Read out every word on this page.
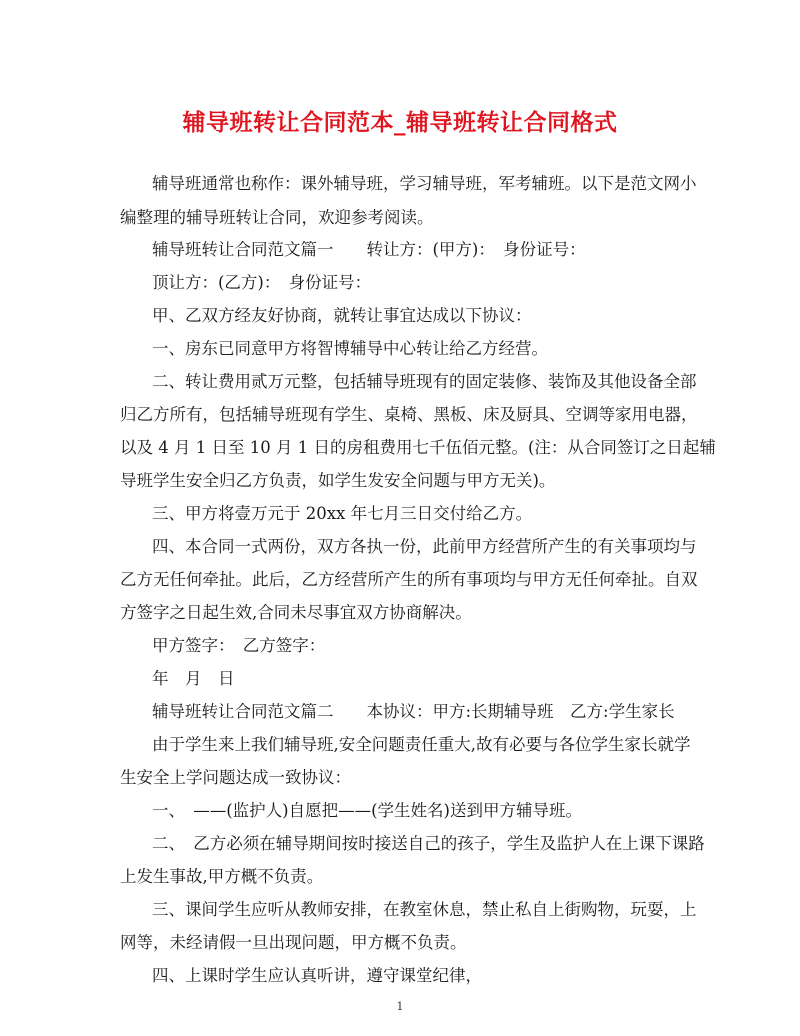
辅导班转让合同范本_辅导班转让合同格式
辅导班通常也称作：课外辅导班，学习辅导班，军考辅班。以下是范文网小
编整理的辅导班转让合同，欢迎参考阅读。
辅导班转让合同范文篇一　　转让方：(甲方)：　身份证号：
顶让方：(乙方)：　身份证号：
甲、乙双方经友好协商，就转让事宜达成以下协议：
一、房东已同意甲方将智博辅导中心转让给乙方经营。
二、转让费用贰万元整，包括辅导班现有的固定装修、装饰及其他设备全部
归乙方所有，包括辅导班现有学生、桌椅、黑板、床及厨具、空调等家用电器，
以及 4 月 1 日至 10 月 1 日的房租费用七千伍佰元整。(注：从合同签订之日起辅
导班学生安全归乙方负责，如学生发安全问题与甲方无关)。
三、甲方将壹万元于 20xx 年七月三日交付给乙方。
四、本合同一式两份，双方各执一份，此前甲方经营所产生的有关事项均与
乙方无任何牵扯。此后，乙方经营所产生的所有事项均与甲方无任何牵扯。自双
方签字之日起生效,合同未尽事宜双方协商解决。
甲方签字：　乙方签字：
年　月　日
辅导班转让合同范文篇二　　本协议：甲方:长期辅导班　乙方:学生家长
由于学生来上我们辅导班,安全问题责任重大,故有必要与各位学生家长就学
生安全上学问题达成一致协议：
一、　——(监护人)自愿把——(学生姓名)送到甲方辅导班。
二、　乙方必须在辅导期间按时接送自己的孩子，学生及监护人在上课下课路
上发生事故,甲方概不负责。
三、课间学生应听从教师安排，在教室休息，禁止私自上街购物，玩耍，上
网等，未经请假一旦出现问题，甲方概不负责。
四、上课时学生应认真听讲，遵守课堂纪律，
1
